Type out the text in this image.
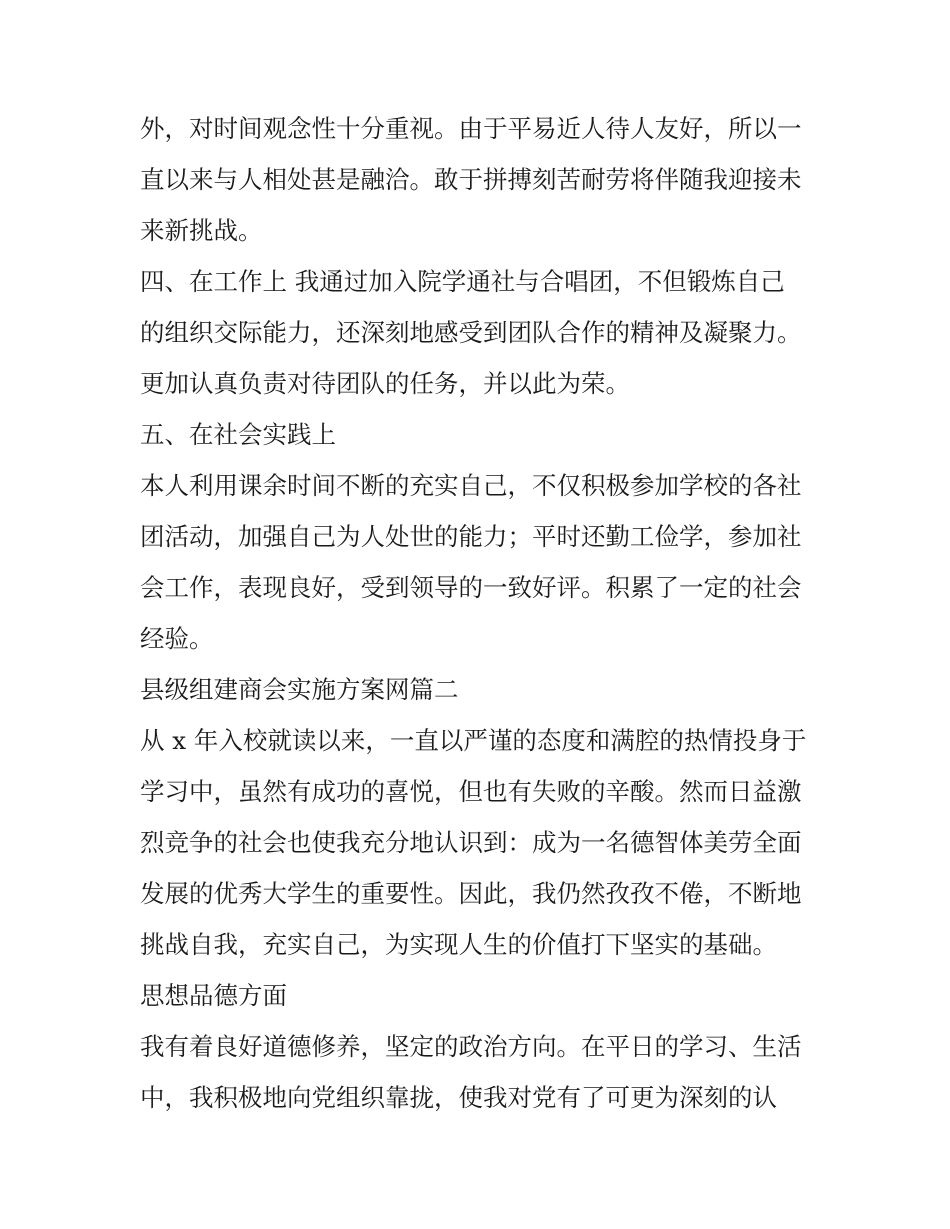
外，对时间观念性十分重视。由于平易近人待人友好，所以一
直以来与人相处甚是融洽。敢于拼搏刻苦耐劳将伴随我迎接未
来新挑战。
四、在工作上 我通过加入院学通社与合唱团，不但锻炼自己
的组织交际能力，还深刻地感受到团队合作的精神及凝聚力。
更加认真负责对待团队的任务，并以此为荣。
五、在社会实践上
本人利用课余时间不断的充实自己，不仅积极参加学校的各社
团活动，加强自己为人处世的能力；平时还勤工俭学，参加社
会工作，表现良好，受到领导的一致好评。积累了一定的社会
经验。
县级组建商会实施方案网篇二
从 x 年入校就读以来，一直以严谨的态度和满腔的热情投身于
学习中，虽然有成功的喜悦，但也有失败的辛酸。然而日益激
烈竞争的社会也使我充分地认识到：成为一名德智体美劳全面
发展的优秀大学生的重要性。因此，我仍然孜孜不倦，不断地
挑战自我，充实自己，为实现人生的价值打下坚实的基础。
思想品德方面
我有着良好道德修养，坚定的政治方向。在平日的学习、生活
中，我积极地向党组织靠拢，使我对党有了可更为深刻的认
